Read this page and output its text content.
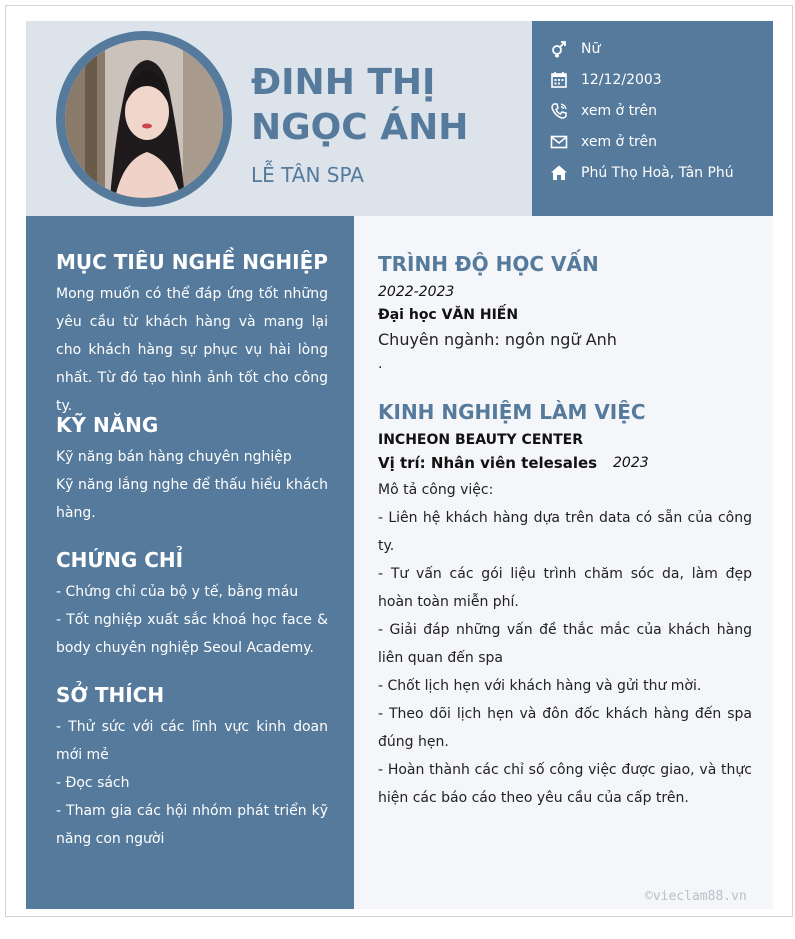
ĐINH THỊ
NGỌC ÁNH
LỄ TÂN SPA
Nữ
12/12/2003
xem ở trên
xem ở trên
Phú Thọ Hoà, Tân Phú
MỤC TIÊU NGHỀ NGHIỆP
Mong muốn có thể đáp ứng tốt những yêu cầu từ khách hàng và mang lại cho khách hàng sự phục vụ hài lòng nhất. Từ đó tạo hình ảnh tốt cho công ty.
KỸ NĂNG
Kỹ năng bán hàng chuyên nghiệp
Kỹ năng lắng nghe để thấu hiểu khách hàng.
CHỨNG CHỈ
- Chứng chỉ của bộ y tế, bằng máu
- Tốt nghiệp xuất sắc khoá học face & body chuyên nghiệp Seoul Academy.
SỞ THÍCH
- Thử sức với các lĩnh vực kinh doan mới mẻ
- Đọc sách
- Tham gia các hội nhóm phát triển kỹ năng con người
TRÌNH ĐỘ HỌC VẤN
2022-2023
Đại học VĂN HIẾN
Chuyên ngành: ngôn ngữ Anh
.
KINH NGHIỆM LÀM VIỆC
INCHEON BEAUTY CENTER
Vị trí: Nhân viên telesales 2023
Mô tả công việc:
- Liên hệ khách hàng dựa trên data có sẵn của công ty.
- Tư vấn các gói liệu trình chăm sóc da, làm đẹp hoàn toàn miễn phí.
- Giải đáp những vấn đề thắc mắc của khách hàng liên quan đến spa
- Chốt lịch hẹn với khách hàng và gửi thư mời.
- Theo dõi lịch hẹn và đôn đốc khách hàng đến spa đúng hẹn.
- Hoàn thành các chỉ số công việc được giao, và thực hiện các báo cáo theo yêu cầu của cấp trên.
©vieclam88.vn
